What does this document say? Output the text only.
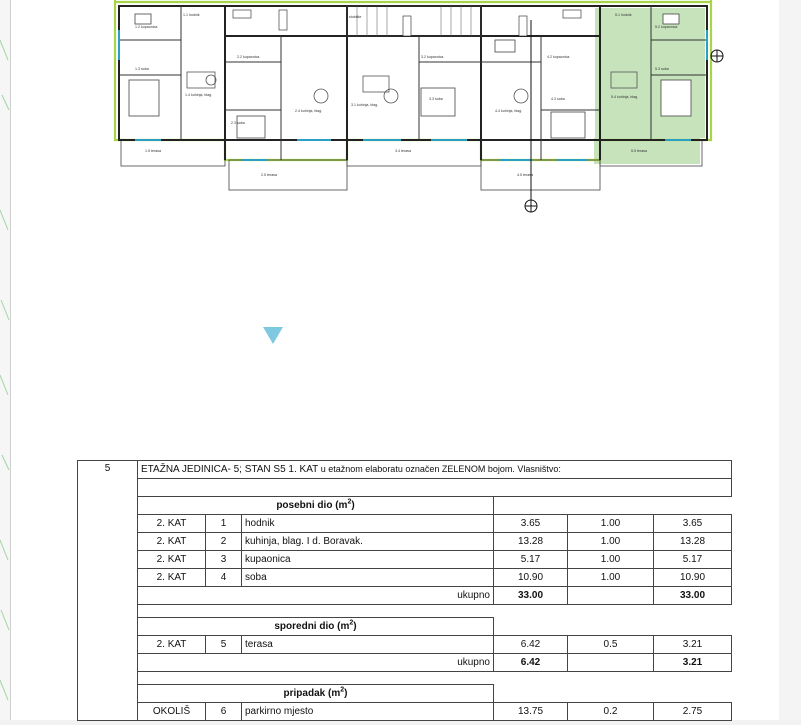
1.1 hodnik
1.2 kupaonica
1.3 soba
1.4 kuhinja, blag.
1.5 terasa
2.2 kupaonica
2.3 soba
2.4 kuhinja, blag.
2.5 terasa
stubište
3.1 kuhinja, blag.
3.2 kupaonica
3.3 soba
3.4 terasa
4.4 kuhinja, blag.
4.2 kupaonica
4.3 soba
4.5 terasa
5.1 hodnik
5.2 kupaonica
5.3 soba
5.4 kuhinja, blag.
5.5 terasa
5	ETAŽNA JEDINICA- 5; STAN S5 1. KAT u etažnom elaboratu označen ZELENOM bojom. Vlasništvo:					

	posebni dio $(m^2)$					
	2. KAT	1	hodnik	3.65	1.00	3.65
	2. KAT	2	kuhinja, blag. I d. Boravak.	13.28	1.00	13.28
	2. KAT	3	kupaonica	5.17	1.00	5.17
	2. KAT	4	soba	10.90	1.00	10.90
	ukupno			33.00		33.00

	sporedni dio $(m^2)$					
	2. KAT	5	terasa	6.42	0.5	3.21
	ukupno			6.42		3.21

	pripadak $(m^2)$					
	OKOLIŠ	6	parkirno mjesto	13.75	0.2	2.75
